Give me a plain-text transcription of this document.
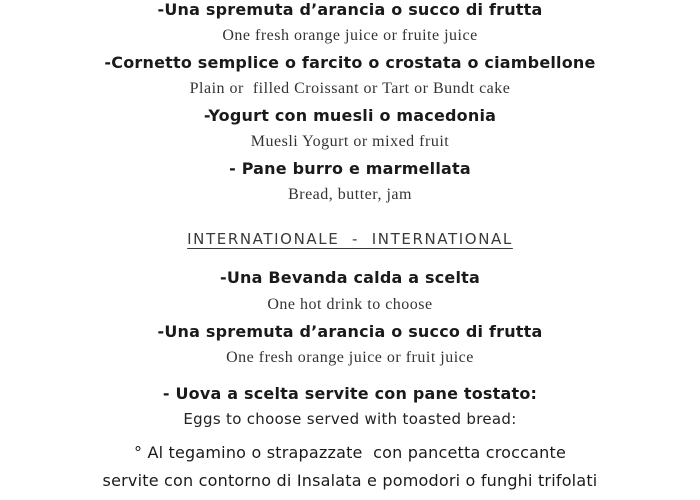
-Una spremuta d’arancia o succo di frutta
One fresh orange juice or fruite juice
-Cornetto semplice o farcito o crostata o ciambellone
Plain or  filled Croissant or Tart or Bundt cake
-Yogurt con muesli o macedonia
Muesli Yogurt or mixed fruit
- Pane burro e marmellata
Bread, butter, jam
INTERNATIONALE  -  INTERNATIONAL
-Una Bevanda calda a scelta
One hot drink to choose
-Una spremuta d’arancia o succo di frutta
One fresh orange juice or fruit juice
- Uova a scelta servite con pane tostato:
Eggs to choose served with toasted bread:
° Al tegamino o strapazzate  con pancetta croccante
servite con contorno di Insalata e pomodori o funghi trifolati
